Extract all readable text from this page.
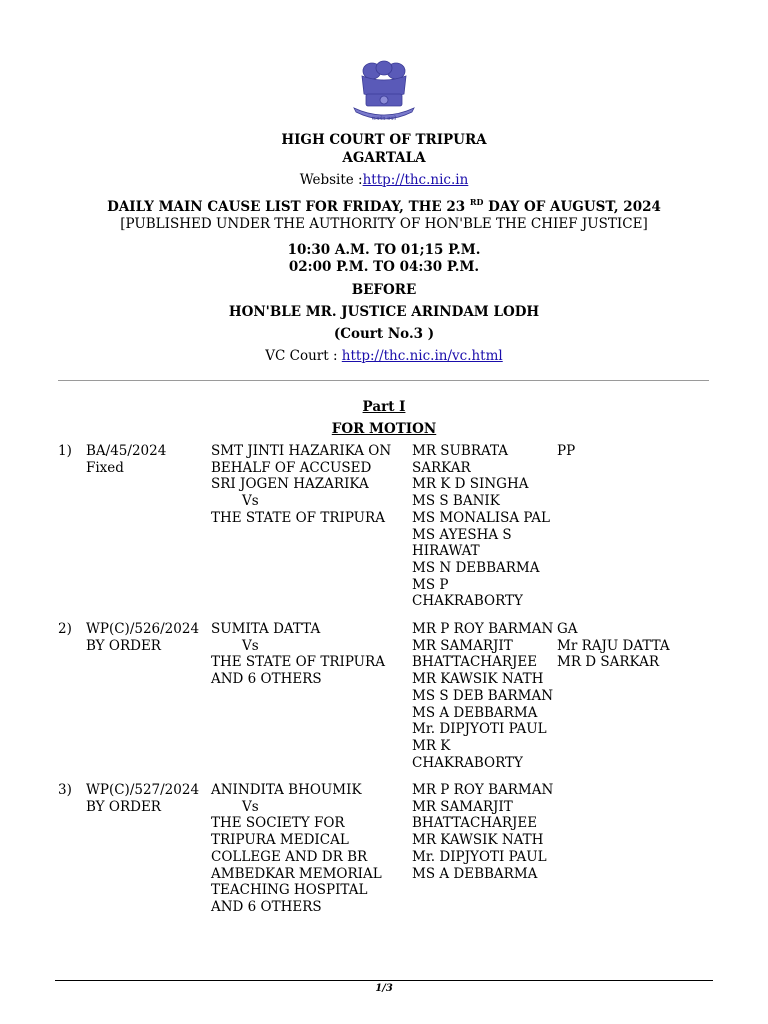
सत्यमेव जयते
HIGH COURT OF TRIPURA
AGARTALA
Website :http://thc.nic.in
DAILY MAIN CAUSE LIST FOR FRIDAY, THE 23 $^{RD}$ DAY OF AUGUST, 2024
[PUBLISHED UNDER THE AUTHORITY OF HON'BLE THE CHIEF JUSTICE]
10:30 A.M. TO 01;15 P.M.
02:00 P.M. TO 04:30 P.M.
BEFORE
HON'BLE MR. JUSTICE ARINDAM LODH
(Court No.3 )
VC Court : http://thc.nic.in/vc.html
Part I
FOR MOTION
1) BA/45/2024
Fixed
SMT JINTI HAZARIKA ON
BEHALF OF ACCUSED
SRI JOGEN HAZARIKA
Vs
THE STATE OF TRIPURA
MR SUBRATA
SARKAR
MR K D SINGHA
MS S BANIK
MS MONALISA PAL
MS AYESHA S
HIRAWAT
MS N DEBBARMA
MS P
CHAKRABORTY
PP
2) WP(C)/526/2024
BY ORDER
SUMITA DATTA
Vs
THE STATE OF TRIPURA
AND 6 OTHERS
MR P ROY BARMAN
MR SAMARJIT
BHATTACHARJEE
MR KAWSIK NATH
MS S DEB BARMAN
MS A DEBBARMA
Mr. DIPJYOTI PAUL
MR K
CHAKRABORTY
GA
Mr RAJU DATTA
MR D SARKAR
3) WP(C)/527/2024
BY ORDER
ANINDITA BHOUMIK
Vs
THE SOCIETY FOR
TRIPURA MEDICAL
COLLEGE AND DR BR
AMBEDKAR MEMORIAL
TEACHING HOSPITAL
AND 6 OTHERS
MR P ROY BARMAN
MR SAMARJIT
BHATTACHARJEE
MR KAWSIK NATH
Mr. DIPJYOTI PAUL
MS A DEBBARMA
1/3
